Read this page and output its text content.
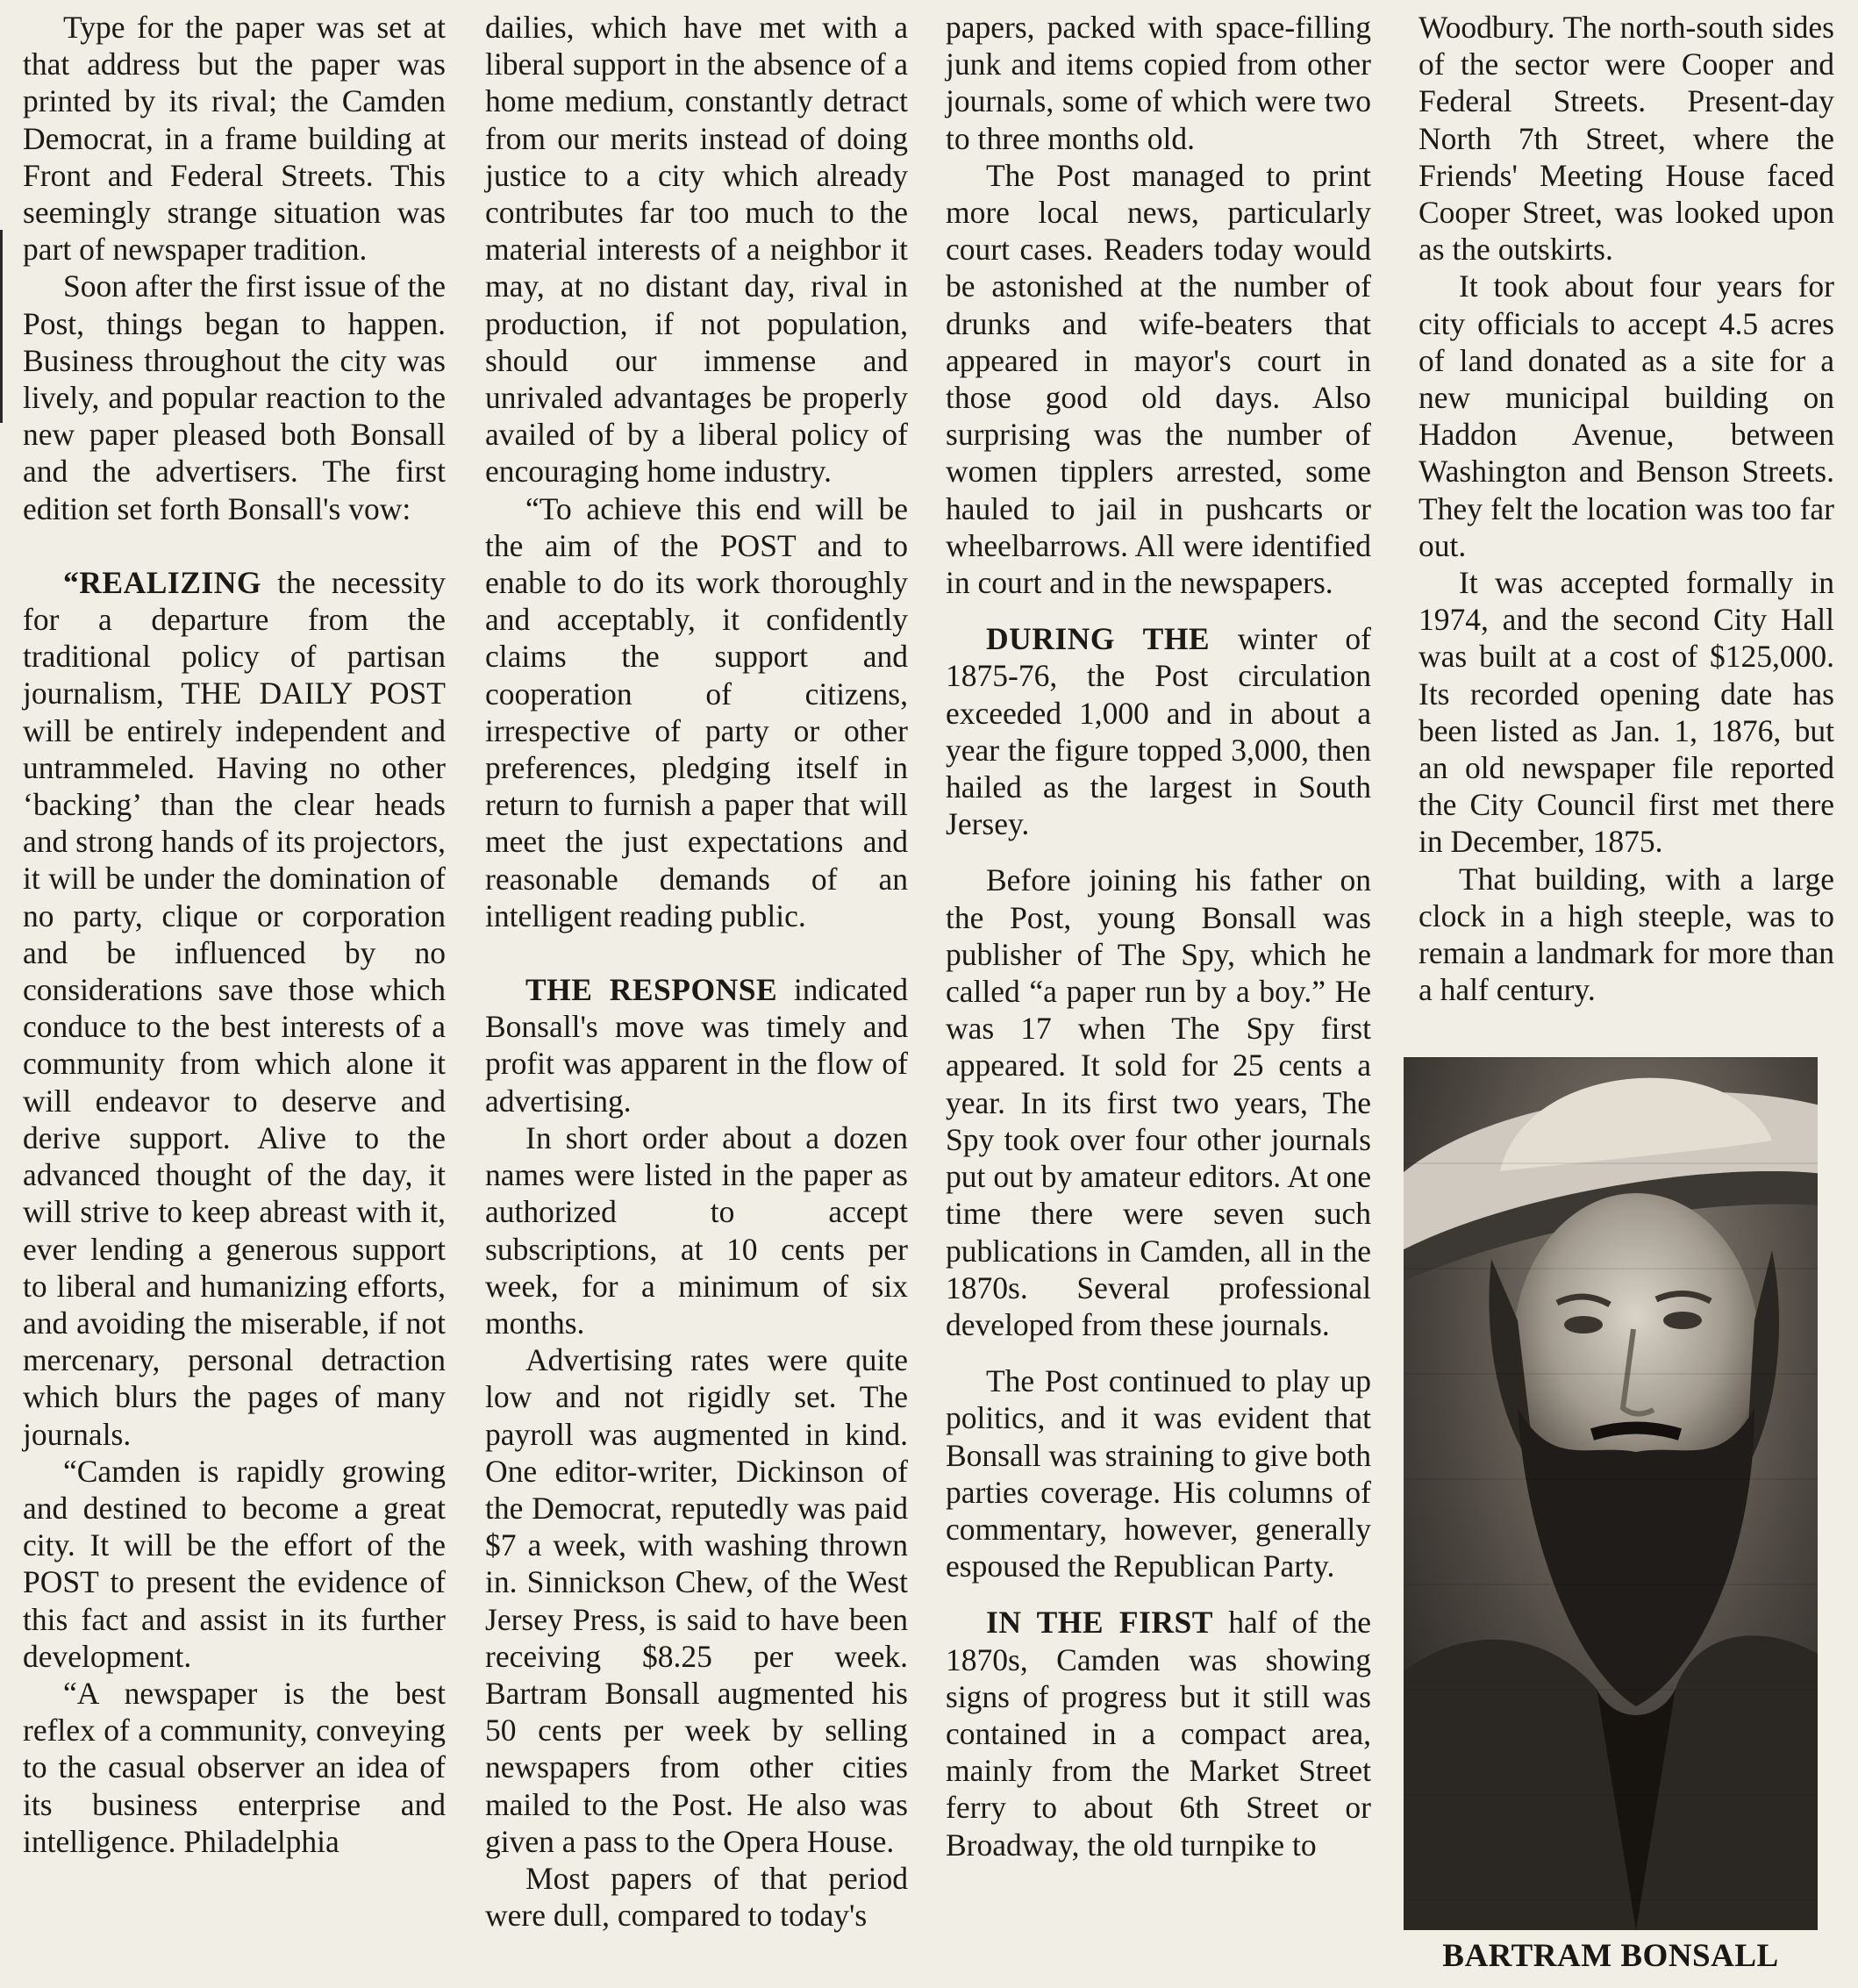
Type for the paper was set at that address but the paper was printed by its rival; the Camden Democrat, in a frame building at Front and Federal Streets. This seemingly strange situation was part of newspaper tradition.

Soon after the first issue of the Post, things began to happen. Business throughout the city was lively, and popular reaction to the new paper pleased both Bonsall and the advertisers. The first edition set forth Bonsall's vow:

“REALIZING the necessity for a departure from the traditional policy of partisan journalism, THE DAILY POST will be entirely independent and untrammeled. Having no other ‘backing’ than the clear heads and strong hands of its projectors, it will be under the domination of no party, clique or corporation and be influenced by no considerations save those which conduce to the best interests of a community from which alone it will endeavor to deserve and derive support. Alive to the advanced thought of the day, it will strive to keep abreast with it, ever lending a generous support to liberal and humanizing efforts, and avoiding the miserable, if not mercenary, personal detraction which blurs the pages of many journals.

“Camden is rapidly growing and destined to become a great city. It will be the effort of the POST to present the evidence of this fact and assist in its further development.

“A newspaper is the best reflex of a community, conveying to the casual observer an idea of its business enterprise and intelligence. Philadelphia

dailies, which have met with a liberal support in the absence of a home medium, constantly detract from our merits instead of doing justice to a city which already contributes far too much to the material interests of a neighbor it may, at no distant day, rival in production, if not population, should our immense and unrivaled advantages be properly availed of by a liberal policy of encouraging home industry.

“To achieve this end will be the aim of the POST and to enable to do its work thoroughly and acceptably, it confidently claims the support and cooperation of citizens, irrespective of party or other preferences, pledging itself in return to furnish a paper that will meet the just expectations and reasonable demands of an intelligent reading public.

THE RESPONSE indicated Bonsall's move was timely and profit was apparent in the flow of advertising.

In short order about a dozen names were listed in the paper as authorized to accept subscriptions, at 10 cents per week, for a minimum of six months.

Advertising rates were quite low and not rigidly set. The payroll was augmented in kind. One editor-writer, Dickinson of the Democrat, reputedly was paid $7 a week, with washing thrown in. Sinnickson Chew, of the West Jersey Press, is said to have been receiving $8.25 per week. Bartram Bonsall augmented his 50 cents per week by selling newspapers from other cities mailed to the Post. He also was given a pass to the Opera House.

Most papers of that period were dull, compared to today's

papers, packed with space-filling junk and items copied from other journals, some of which were two to three months old.

The Post managed to print more local news, particularly court cases. Readers today would be astonished at the number of drunks and wife-beaters that appeared in mayor's court in those good old days. Also surprising was the number of women tipplers arrested, some hauled to jail in pushcarts or wheelbarrows. All were identified in court and in the newspapers.

DURING THE winter of 1875-76, the Post circulation exceeded 1,000 and in about a year the figure topped 3,000, then hailed as the largest in South Jersey.

Before joining his father on the Post, young Bonsall was publisher of The Spy, which he called “a paper run by a boy.” He was 17 when The Spy first appeared. It sold for 25 cents a year. In its first two years, The Spy took over four other journals put out by amateur editors. At one time there were seven such publications in Camden, all in the 1870s. Several professional developed from these journals.

The Post continued to play up politics, and it was evident that Bonsall was straining to give both parties coverage. His columns of commentary, however, generally espoused the Republican Party.

IN THE FIRST half of the 1870s, Camden was showing signs of progress but it still was contained in a compact area, mainly from the Market Street ferry to about 6th Street or Broadway, the old turnpike to

Woodbury. The north-south sides of the sector were Cooper and Federal Streets. Present-day North 7th Street, where the Friends' Meeting House faced Cooper Street, was looked upon as the outskirts.

It took about four years for city officials to accept 4.5 acres of land donated as a site for a new municipal building on Haddon Avenue, between Washington and Benson Streets. They felt the location was too far out.

It was accepted formally in 1974, and the second City Hall was built at a cost of $125,000. Its recorded opening date has been listed as Jan. 1, 1876, but an old newspaper file reported the City Council first met there in December, 1875.

That building, with a large clock in a high steeple, was to remain a landmark for more than a half century.

BARTRAM BONSALL
